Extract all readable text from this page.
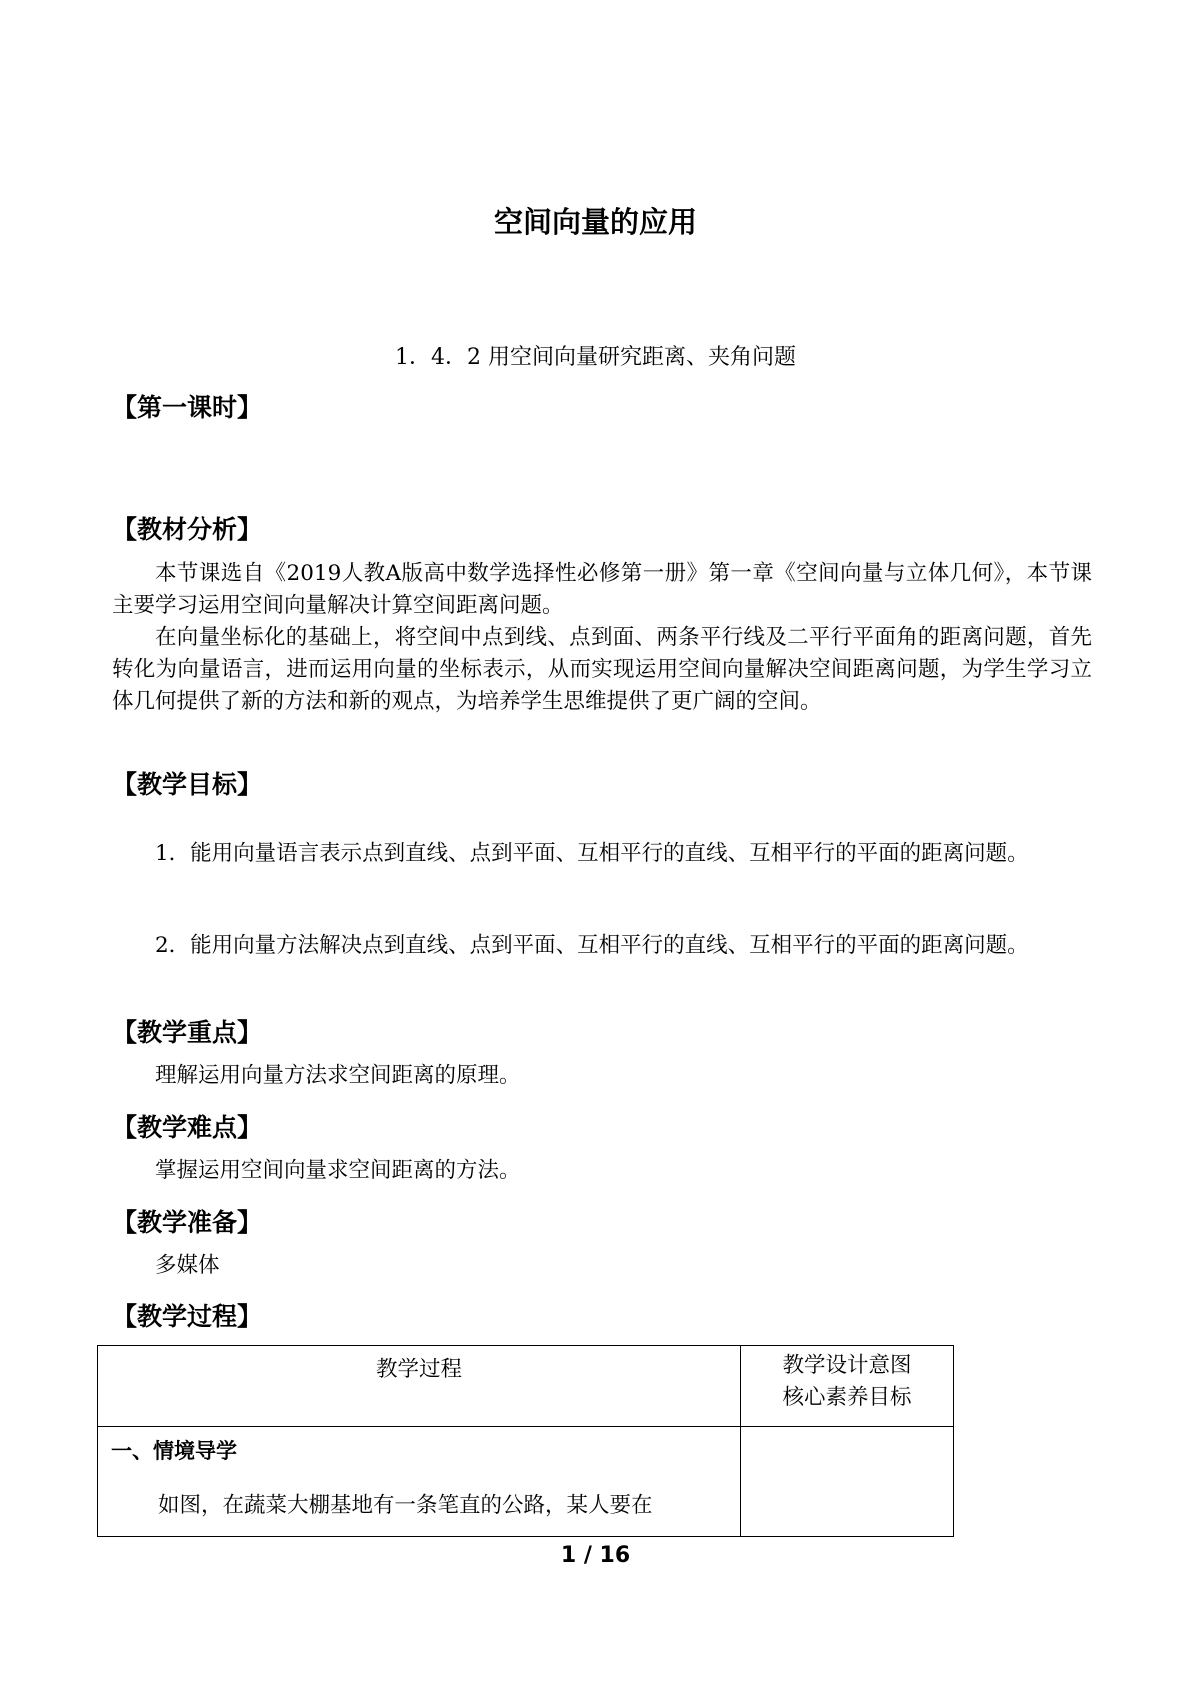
空间向量的应用
1．4．2 用空间向量研究距离、夹角问题
【第一课时】
【教材分析】

本节课选自《2019人教A版高中数学选择性必修第一册》第一章《空间向量与立体几何》，本节课主要学习运用空间向量解决计算空间距离问题。

在向量坐标化的基础上，将空间中点到线、点到面、两条平行线及二平行平面角的距离问题，首先转化为向量语言，进而运用向量的坐标表示，从而实现运用空间向量解决空间距离问题，为学生学习立体几何提供了新的方法和新的观点，为培养学生思维提供了更广阔的空间。

【教学目标】

1．能用向量语言表示点到直线、点到平面、互相平行的直线、互相平行的平面的距离问题。

2．能用向量方法解决点到直线、点到平面、互相平行的直线、互相平行的平面的距离问题。

【教学重点】

理解运用向量方法求空间距离的原理。

【教学难点】

掌握运用空间向量求空间距离的方法。

【教学准备】

多媒体

【教学过程】
教学过程	教学设计意图
核心素养目标

一、情境导学
如图，在蔬菜大棚基地有一条笔直的公路，某人要在	

1 / 16
